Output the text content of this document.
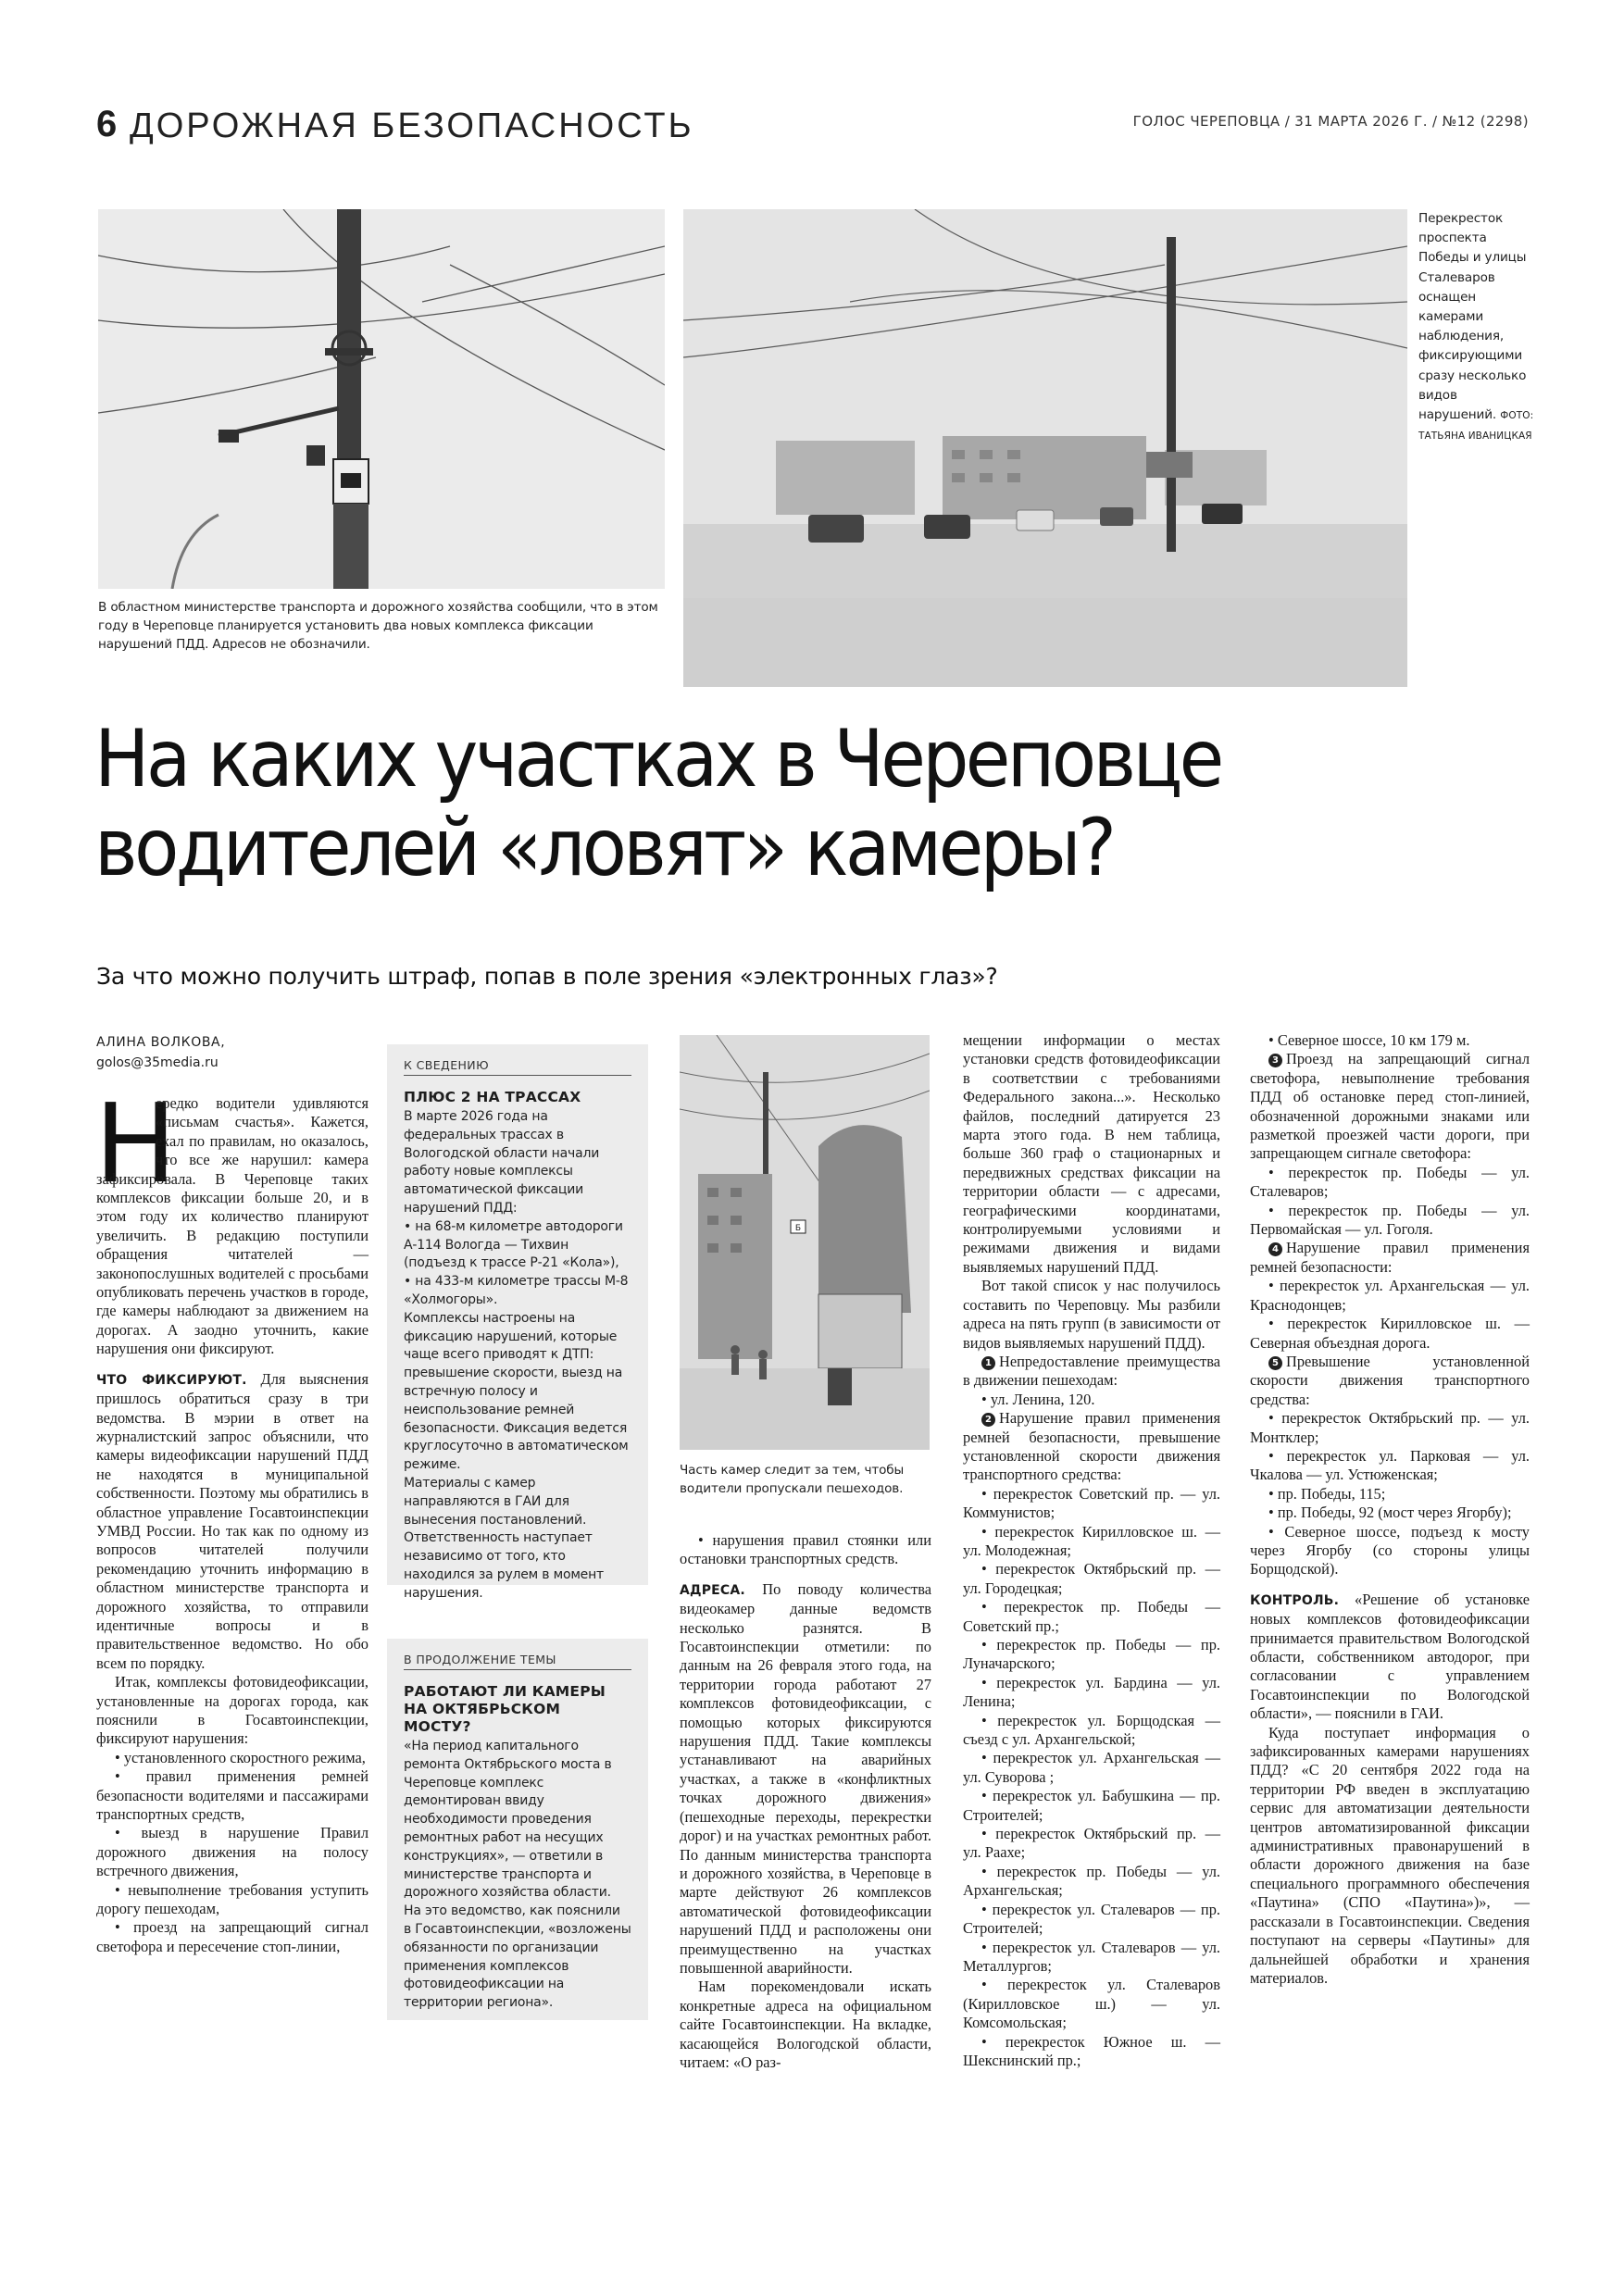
6 ДОРОЖНАЯ БЕЗОПАСНОСТЬ	ГОЛОС ЧЕРЕПОВЦА / 31 МАРТА 2026 Г. / №12 (2298)
В областном министерстве транспорта и дорожного хозяйства сообщили, что в этом году в Череповце планируется установить два новых комплекса фиксации нарушений ПДД. Адресов не обозначили.
Перекресток проспекта Победы и улицы Сталеваров оснащен камерами наблюдения, фиксирующими сразу несколько видов нарушений. ФОТО: ТАТЬЯНА ИВАНИЦКАЯ
На каких участках в Череповце
водителей «ловят» камеры?
За что можно получить штраф, попав в поле зрения «электронных глаз»?
АЛИНА ВОЛКОВА,
golos@35media.ru
Н

ередко водители удивляются «письмам счастья». Кажется, ехал по правилам, но оказалось, что все же нарушил: камера зафиксировала. В Череповце таких комплексов фиксации больше 20, и в этом году их количество планируют увеличить. В редакцию поступили обращения читателей — законопослушных водителей с просьбами опубликовать перечень участков в городе, где камеры наблюдают за движением на дорогах. А заодно уточнить, какие нарушения они фиксируют.

ЧТО ФИКСИРУЮТ. Для выяснения пришлось обратиться сразу в три ведомства. В мэрии в ответ на журналистский запрос объяснили, что камеры видеофиксации нарушений ПДД не находятся в муниципальной собственности. Поэтому мы обратились в областное управление Госавтоинспекции УМВД России. Но так как по одному из вопросов читателей получили рекомендацию уточнить информацию в областном министерстве транспорта и дорожного хозяйства, то отправили идентичные вопросы и в правительственное ведомство. Но обо всем по порядку.

Итак, комплексы фотовидеофиксации, установленные на дорогах города, как пояснили в Госавтоинспекции, фиксируют нарушения:

• установленного скоростного режима,

• правил применения ремней безопасности водителями и пассажирами транспортных средств,

• выезд в нарушение Правил дорожного движения на полосу встречного движения,

• невыполнение требования уступить дорогу пешеходам,

• проезд на запрещающий сигнал светофора и пересечение стоп-линии,

К СВЕДЕНИЮ
ПЛЮС 2 НА ТРАССАХ

В марте 2026 года на федеральных трассах в Вологодской области начали работу новые комплексы автоматической фиксации нарушений ПДД:

• на 68-м километре автодороги А-114 Вологда — Тихвин (подъезд к трассе Р-21 «Кола»),

• на 433-м километре трассы М-8 «Холмогоры».

Комплексы настроены на фиксацию нарушений, которые чаще всего приводят к ДТП: превышение скорости, выезд на встречную полосу и неиспользование ремней безопасности. Фиксация ведется круглосуточно в автоматическом режиме.

Материалы с камер направляются в ГАИ для вынесения постановлений. Ответственность наступает независимо от того, кто находился за рулем в момент нарушения.

В ПРОДОЛЖЕНИЕ ТЕМЫ
РАБОТАЮТ ЛИ КАМЕРЫ НА ОКТЯБРЬСКОМ МОСТУ?

«На период капитального ремонта Октябрьского моста в Череповце комплекс демонтирован ввиду необходимости проведения ремонтных работ на несущих конструкциях», — ответили в министерстве транспорта и дорожного хозяйства области. На это ведомство, как пояснили в Госавтоинспекции, «возложены обязанности по организации применения комплексов фотовидеофиксации на территории региона».

Б
Часть камер следит за тем, чтобы водители пропускали пешеходов.

• нарушения правил стоянки или остановки транспортных средств.

АДРЕСА. По поводу количества видеокамер данные ведомств несколько разнятся. В Госавтоинспекции отметили: по данным на 26 февраля этого года, на территории города работают 27 комплексов фотовидеофиксации, с помощью которых фиксируются нарушения ПДД. Такие комплексы устанавливают на аварийных участках, а также в «конфликтных точках дорожного движения» (пешеходные переходы, перекрестки дорог) и на участках ремонтных работ. По данным министерства транспорта и дорожного хозяйства, в Череповце в марте действуют 26 комплексов автоматической фотовидеофиксации нарушений ПДД и расположены они преимущественно на участках повышенной аварийности.

Нам порекомендовали искать конкретные адреса на официальном сайте Госавтоинспекции. На вкладке, касающейся Вологодской области, читаем: «О раз-

мещении информации о местах установки средств фотовидеофиксации в соответствии с требованиями Федерального закона...». Несколько файлов, последний датируется 23 марта этого года. В нем таблица, больше 360 граф о стационарных и передвижных средствах фиксации на территории области — с адресами, географическими координатами, контролируемыми условиями и режимами движения и видами выявляемых нарушений ПДД.

Вот такой список у нас получилось составить по Череповцу. Мы разбили адреса на пять групп (в зависимости от видов выявляемых нарушений ПДД).

1 Непредоставление преимущества в движении пешеходам:

• ул. Ленина, 120.

2 Нарушение правил применения ремней безопасности, превышение установленной скорости движения транспортного средства:

• перекресток Советский пр. — ул. Коммунистов;

• перекресток Кирилловское ш. — ул. Молодежная;

• перекресток Октябрьский пр. — ул. Городецкая;

• перекресток пр. Победы — Советский пр.;

• перекресток пр. Победы — пр. Луначарского;

• перекресток ул. Бардина — ул. Ленина;

• перекресток ул. Борщодская — съезд с ул. Архангельской;

• перекресток ул. Архангельская — ул. Суворова ;

• перекресток ул. Бабушкина — пр. Строителей;

• перекресток Октябрьский пр. — ул. Раахе;

• перекресток пр. Победы — ул. Архангельская;

• перекресток ул. Сталеваров — пр. Строителей;

• перекресток ул. Сталеваров — ул. Металлургов;

• перекресток ул. Сталеваров (Кирилловское ш.) — ул. Комсомольская;

• перекресток Южное ш. — Шекснинский пр.;

• Северное шоссе, 10 км 179 м.

3 Проезд на запрещающий сигнал светофора, невыполнение требования ПДД об остановке перед стоп-линией, обозначенной дорожными знаками или разметкой проезжей части дороги, при запрещающем сигнале светофора:

• перекресток пр. Победы — ул. Сталеваров;

• перекресток пр. Победы — ул. Первомайская — ул. Гоголя.

4 Нарушение правил применения ремней безопасности:

• перекресток ул. Архангельская — ул. Краснодонцев;

• перекресток Кирилловское ш. — Северная объездная дорога.

5 Превышение установленной скорости движения транспортного средства:

• перекресток Октябрьский пр. — ул. Монтклер;

• перекресток ул. Парковая — ул. Чкалова — ул. Устюженская;

• пр. Победы, 115;

• пр. Победы, 92 (мост через Ягорбу);

• Северное шоссе, подъезд к мосту через Ягорбу (со стороны улицы Борщодской).

КОНТРОЛЬ. «Решение об установке новых комплексов фотовидеофиксации принимается правительством Вологодской области, собственником автодорог, при согласовании с управлением Госавтоинспекции по Вологодской области», — пояснили в ГАИ.

Куда поступает информация о зафиксированных камерами нарушениях ПДД? «С 20 сентября 2022 года на территории РФ введен в эксплуатацию сервис для автоматизации деятельности центров автоматизированной фиксации административных правонарушений в области дорожного движения на базе специального программного обеспечения «Паутина» (СПО «Паутина»)», — рассказали в Госавтоинспекции. Сведения поступают на серверы «Паутины» для дальнейшей обработки и хранения материалов.
